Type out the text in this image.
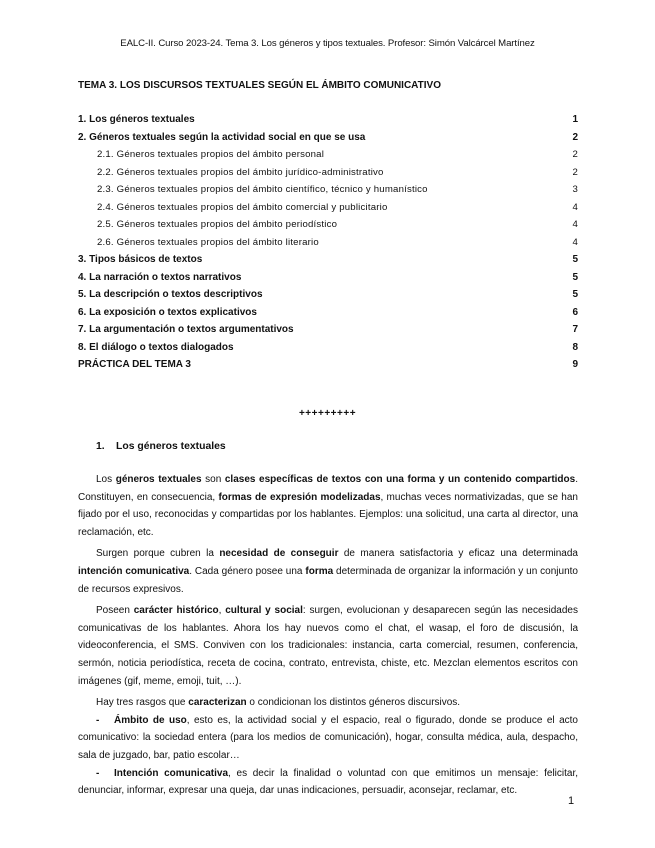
EALC-II. Curso 2023-24. Tema 3. Los géneros y tipos textuales. Profesor: Simón Valcárcel Martínez
TEMA 3. LOS DISCURSOS TEXTUALES SEGÚN EL ÁMBITO COMUNICATIVO
1. Los géneros textuales	1
2. Géneros textuales según la actividad social en que se usa	2
2.1. Géneros textuales propios del ámbito personal	2
2.2. Géneros textuales propios del ámbito jurídico-administrativo	2
2.3. Géneros textuales propios del ámbito científico, técnico y humanístico	3
2.4. Géneros textuales propios del ámbito comercial y publicitario	4
2.5. Géneros textuales propios del ámbito periodístico	4
2.6. Géneros textuales propios del ámbito literario	4
3. Tipos básicos de textos	5
4. La narración o textos narrativos	5
5. La descripción o textos descriptivos	5
6. La exposición o textos explicativos	6
7. La argumentación o textos argumentativos	7
8. El diálogo o textos dialogados	8
PRÁCTICA DEL TEMA 3	9
+++++++++
1. Los géneros textuales

Los géneros textuales son clases específicas de textos con una forma y un contenido compartidos. Constituyen, en consecuencia, formas de expresión modelizadas, muchas veces normativizadas, que se han fijado por el uso, reconocidas y compartidas por los hablantes. Ejemplos: una solicitud, una carta al director, una reclamación, etc.

Surgen porque cubren la necesidad de conseguir de manera satisfactoria y eficaz una determinada intención comunicativa. Cada género posee una forma determinada de organizar la información y un conjunto de recursos expresivos.

Poseen carácter histórico, cultural y social: surgen, evolucionan y desaparecen según las necesidades comunicativas de los hablantes. Ahora los hay nuevos como el chat, el wasap, el foro de discusión, la videoconferencia, el SMS. Conviven con los tradicionales: instancia, carta comercial, resumen, conferencia, sermón, noticia periodística, receta de cocina, contrato, entrevista, chiste, etc. Mezclan elementos escritos con imágenes (gif, meme, emoji, tuit, …).

Hay tres rasgos que caracterizan o condicionan los distintos géneros discursivos.

- Ámbito de uso, esto es, la actividad social y el espacio, real o figurado, donde se produce el acto comunicativo: la sociedad entera (para los medios de comunicación), hogar, consulta médica, aula, despacho, sala de juzgado, bar, patio escolar…

- Intención comunicativa, es decir la finalidad o voluntad con que emitimos un mensaje: felicitar, denunciar, informar, expresar una queja, dar unas indicaciones, persuadir, aconsejar, reclamar, etc.

1
